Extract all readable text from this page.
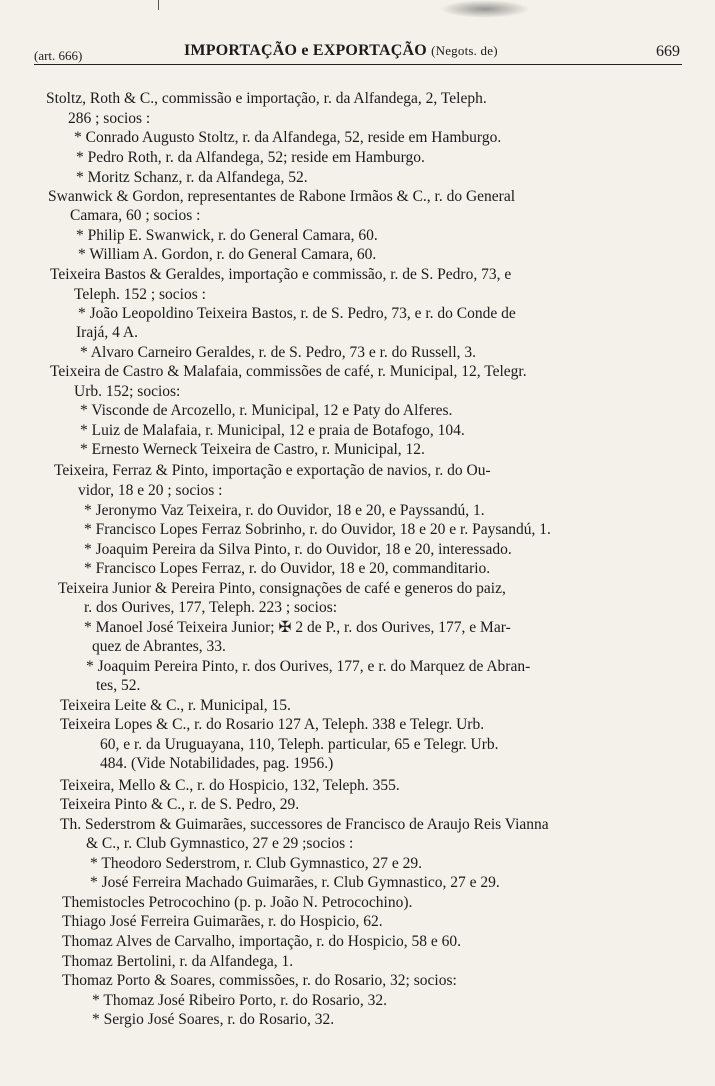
(art. 666)	IMPORTAÇÃO e EXPORTAÇÃO (Negots. de)	669
Stoltz, Roth & C., commissão e importação, r. da Alfandega, 2, Teleph.
286 ; socios :
* Conrado Augusto Stoltz, r. da Alfandega, 52, reside em Hamburgo.
* Pedro Roth, r. da Alfandega, 52; reside em Hamburgo.
* Moritz Schanz, r. da Alfandega, 52.
Swanwick & Gordon, representantes de Rabone Irmãos & C., r. do General
Camara, 60 ; socios :
* Philip E. Swanwick, r. do General Camara, 60.
* William A. Gordon, r. do General Camara, 60.
Teixeira Bastos & Geraldes, importação e commissão, r. de S. Pedro, 73, e
Teleph. 152 ; socios :
* João Leopoldino Teixeira Bastos, r. de S. Pedro, 73, e r. do Conde de
Irajá, 4 A.
* Alvaro Carneiro Geraldes, r. de S. Pedro, 73 e r. do Russell, 3.
Teixeira de Castro & Malafaia, commissões de café, r. Municipal, 12, Telegr.
Urb. 152; socios:
* Visconde de Arcozello, r. Municipal, 12 e Paty do Alferes.
* Luiz de Malafaia, r. Municipal, 12 e praia de Botafogo, 104.
* Ernesto Werneck Teixeira de Castro, r. Municipal, 12.
Teixeira, Ferraz & Pinto, importação e exportação de navios, r. do Ou-
vidor, 18 e 20 ; socios :
* Jeronymo Vaz Teixeira, r. do Ouvidor, 18 e 20, e Payssandú, 1.
* Francisco Lopes Ferraz Sobrinho, r. do Ouvidor, 18 e 20 e r. Paysandú, 1.
* Joaquim Pereira da Silva Pinto, r. do Ouvidor, 18 e 20, interessado.
* Francisco Lopes Ferraz, r. do Ouvidor, 18 e 20, commanditario.
Teixeira Junior & Pereira Pinto, consignações de café e generos do paiz,
r. dos Ourives, 177, Teleph. 223 ; socios:
* Manoel José Teixeira Junior; ✠ 2 de P., r. dos Ourives, 177, e Mar-
quez de Abrantes, 33.
* Joaquim Pereira Pinto, r. dos Ourives, 177, e r. do Marquez de Abran-
tes, 52.
Teixeira Leite & C., r. Municipal, 15.
Teixeira Lopes & C., r. do Rosario 127 A, Teleph. 338 e Telegr. Urb.
60, e r. da Uruguayana, 110, Teleph. particular, 65 e Telegr. Urb.
484. (Vide Notabilidades, pag. 1956.)
Teixeira, Mello & C., r. do Hospicio, 132, Teleph. 355.
Teixeira Pinto & C., r. de S. Pedro, 29.
Th. Sederstrom & Guimarães, successores de Francisco de Araujo Reis Vianna
& C., r. Club Gymnastico, 27 e 29 ;socios :
* Theodoro Sederstrom, r. Club Gymnastico, 27 e 29.
* José Ferreira Machado Guimarães, r. Club Gymnastico, 27 e 29.
Themistocles Petrocochino (p. p. João N. Petrocochino).
Thiago José Ferreira Guimarães, r. do Hospicio, 62.
Thomaz Alves de Carvalho, importação, r. do Hospicio, 58 e 60.
Thomaz Bertolini, r. da Alfandega, 1.
Thomaz Porto & Soares, commissões, r. do Rosario, 32; socios:
* Thomaz José Ribeiro Porto, r. do Rosario, 32.
* Sergio José Soares, r. do Rosario, 32.
